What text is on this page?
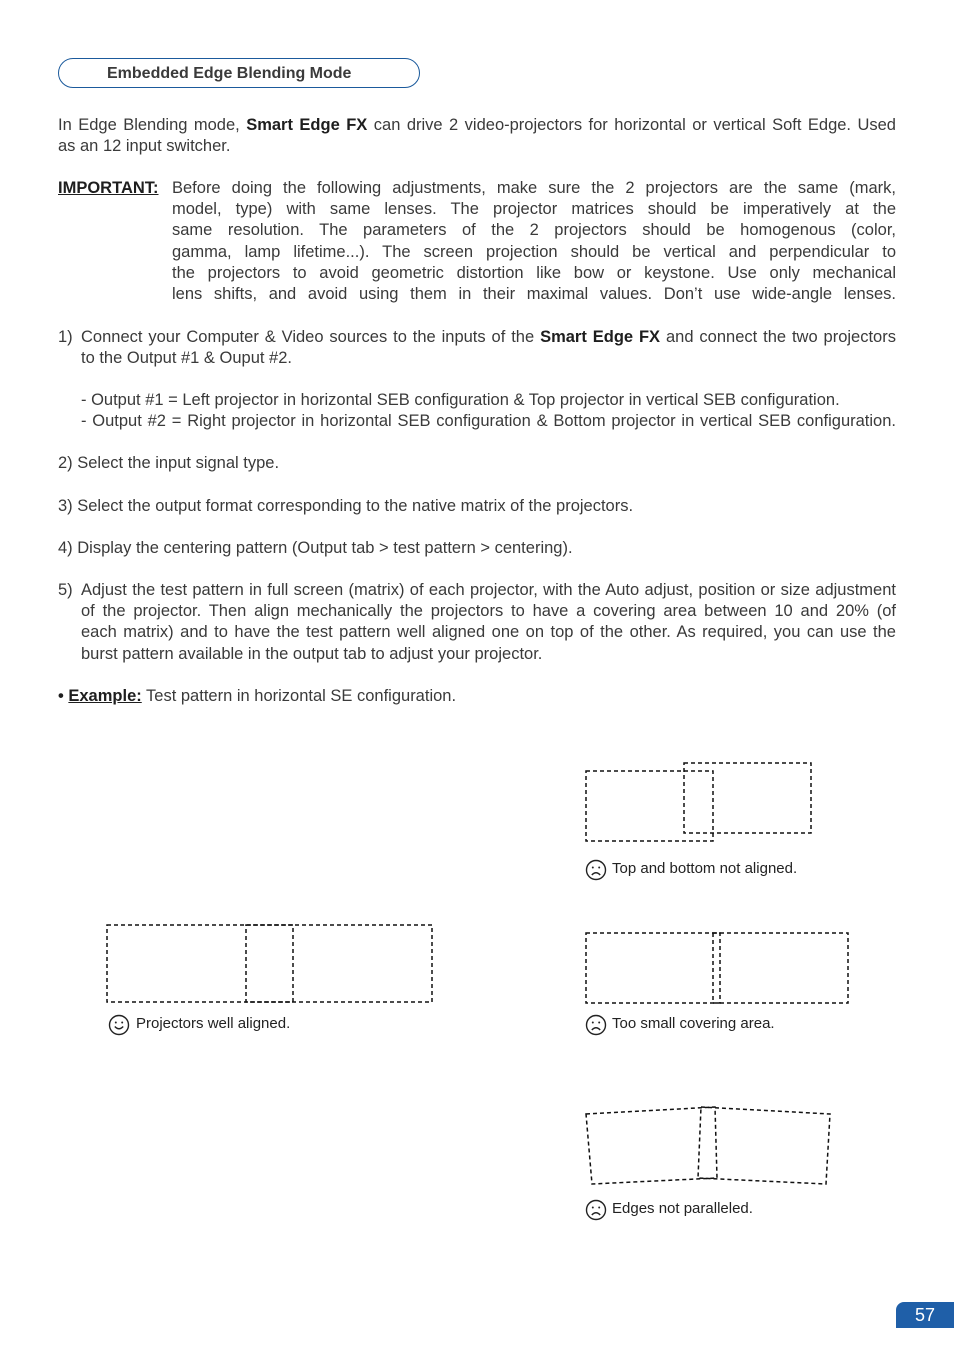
Embedded Edge Blending Mode
In Edge Blending mode, Smart Edge FX can drive 2 video-projectors for horizontal or vertical Soft Edge. Used
as an 12 input switcher.
IMPORTANT: Before doing the following adjustments, make sure the 2 projectors are the same (mark,
model, type) with same lenses. The projector matrices should be imperatively at the
same resolution. The parameters of the 2 projectors should be homogenous (color,
gamma, lamp lifetime...). The screen projection should be vertical and perpendicular to
the projectors to avoid geometric distortion like bow or keystone. Use only mechanical
lens shifts, and avoid using them in their maximal values. Don’t use wide-angle lenses.
1) Connect your Computer & Video sources to the inputs of the Smart Edge FX and connect the two projectors
to the Output #1 & Ouput #2.
- Output #1 = Left projector in horizontal SEB configuration & Top projector in vertical SEB configuration.
- Output #2 = Right projector in horizontal SEB configuration & Bottom projector in vertical SEB configuration.
2) Select the input signal type.
3) Select the output format corresponding to the native matrix of the projectors.
4) Display the centering pattern (Output tab > test pattern > centering).
5) Adjust the test pattern in full screen (matrix) of each projector, with the Auto adjust, position or size adjustment
of the projector. Then align mechanically the projectors to have a covering area between 10 and 20% (of
each matrix) and to have the test pattern well aligned one on top of the other. As required, you can use the
burst pattern available in the output tab to adjust your projector.
• Example: Test pattern in horizontal SE configuration.
Projectors well aligned.
Top and bottom not aligned.
Too small covering area.
Edges not paralleled.
57
